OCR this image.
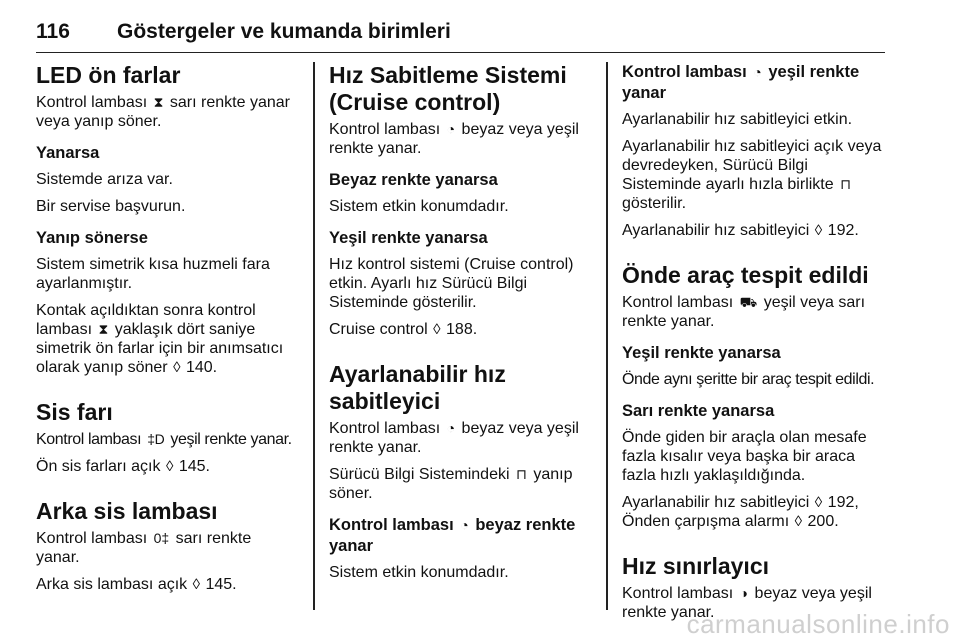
116 Göstergeler ve kumanda birimleri
LED ön farlar

Kontrol lambası ⧗ sarı renkte yanar veya yanıp söner.

Yanarsa

Sistemde arıza var.

Bir servise başvurun.

Yanıp sönerse

Sistem simetrik kısa huzmeli fara ayarlanmıştır.

Kontak açıldıktan sonra kontrol lambası ⧗ yaklaşık dört saniye simetrik ön farlar için bir anımsatıcı olarak yanıp söner ◊ 140.

Sis farı

Kontrol lambası ‡D yeşil renkte yanar.

Ön sis farları açık ◊ 145.

Arka sis lambası

Kontrol lambası 0‡ sarı renkte yanar.

Arka sis lambası açık ◊ 145.

Hız Sabitleme Sistemi (Cruise control)

Kontrol lambası ◔ beyaz veya yeşil renkte yanar.

Beyaz renkte yanarsa

Sistem etkin konumdadır.

Yeşil renkte yanarsa

Hız kontrol sistemi (Cruise control) etkin. Ayarlı hız Sürücü Bilgi Sisteminde gösterilir.

Cruise control ◊ 188.

Ayarlanabilir hız sabitleyici

Kontrol lambası ◔ beyaz veya yeşil renkte yanar.

Sürücü Bilgi Sistemindeki ⊓ yanıp söner.

Kontrol lambası ◔ beyaz renkte yanar

Sistem etkin konumdadır.

Kontrol lambası ◔ yeşil renkte yanar

Ayarlanabilir hız sabitleyici etkin.

Ayarlanabilir hız sabitleyici açık veya devredeyken, Sürücü Bilgi Sisteminde ayarlı hızla birlikte ⊓ gösterilir.

Ayarlanabilir hız sabitleyici ◊ 192.

Önde araç tespit edildi

Kontrol lambası ⛟ yeşil veya sarı renkte yanar.

Yeşil renkte yanarsa

Önde aynı şeritte bir araç tespit edildi.

Sarı renkte yanarsa

Önde giden bir araçla olan mesafe fazla kısalır veya başka bir araca fazla hızlı yaklaşıldığında.

Ayarlanabilir hız sabitleyici ◊ 192,
Önden çarpışma alarmı ◊ 200.

Hız sınırlayıcı

Kontrol lambası ◑ beyaz veya yeşil renkte yanar.

carmanualsonline.info
